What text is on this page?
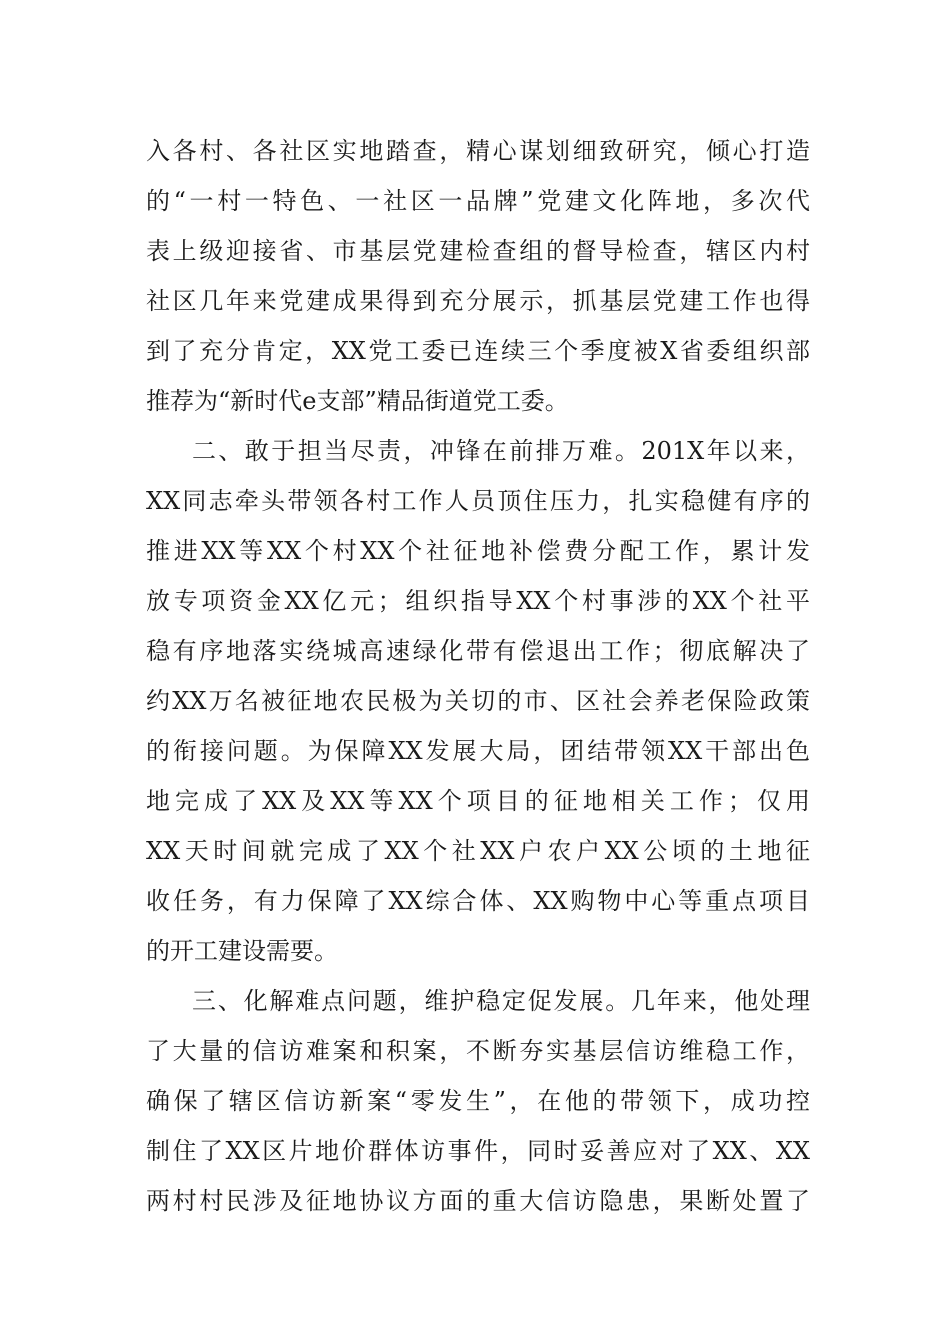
入各村、各社区实地踏查，精心谋划细致研究，倾心打造
的“一村一特色、一社区一品牌”党建文化阵地，多次代
表上级迎接省、市基层党建检查组的督导检查，辖区内村
社区几年来党建成果得到充分展示，抓基层党建工作也得
到了充分肯定，XX党工委已连续三个季度被X省委组织部
推荐为“新时代e支部”精品街道党工委。
二、敢于担当尽责，冲锋在前排万难。201X年以来，
XX同志牵头带领各村工作人员顶住压力，扎实稳健有序的
推进XX等XX个村XX个社征地补偿费分配工作，累计发
放专项资金XX亿元；组织指导XX个村事涉的XX个社平
稳有序地落实绕城高速绿化带有偿退出工作；彻底解决了
约XX万名被征地农民极为关切的市、区社会养老保险政策
的衔接问题。为保障XX发展大局，团结带领XX干部出色
地完成了XX及XX等XX个项目的征地相关工作；仅用
XX天时间就完成了XX个社XX户农户XX公顷的土地征
收任务，有力保障了XX综合体、XX购物中心等重点项目
的开工建设需要。
三、化解难点问题，维护稳定促发展。几年来，他处理
了大量的信访难案和积案，不断夯实基层信访维稳工作，
确保了辖区信访新案“零发生”，在他的带领下，成功控
制住了XX区片地价群体访事件，同时妥善应对了XX、XX
两村村民涉及征地协议方面的重大信访隐患，果断处置了
